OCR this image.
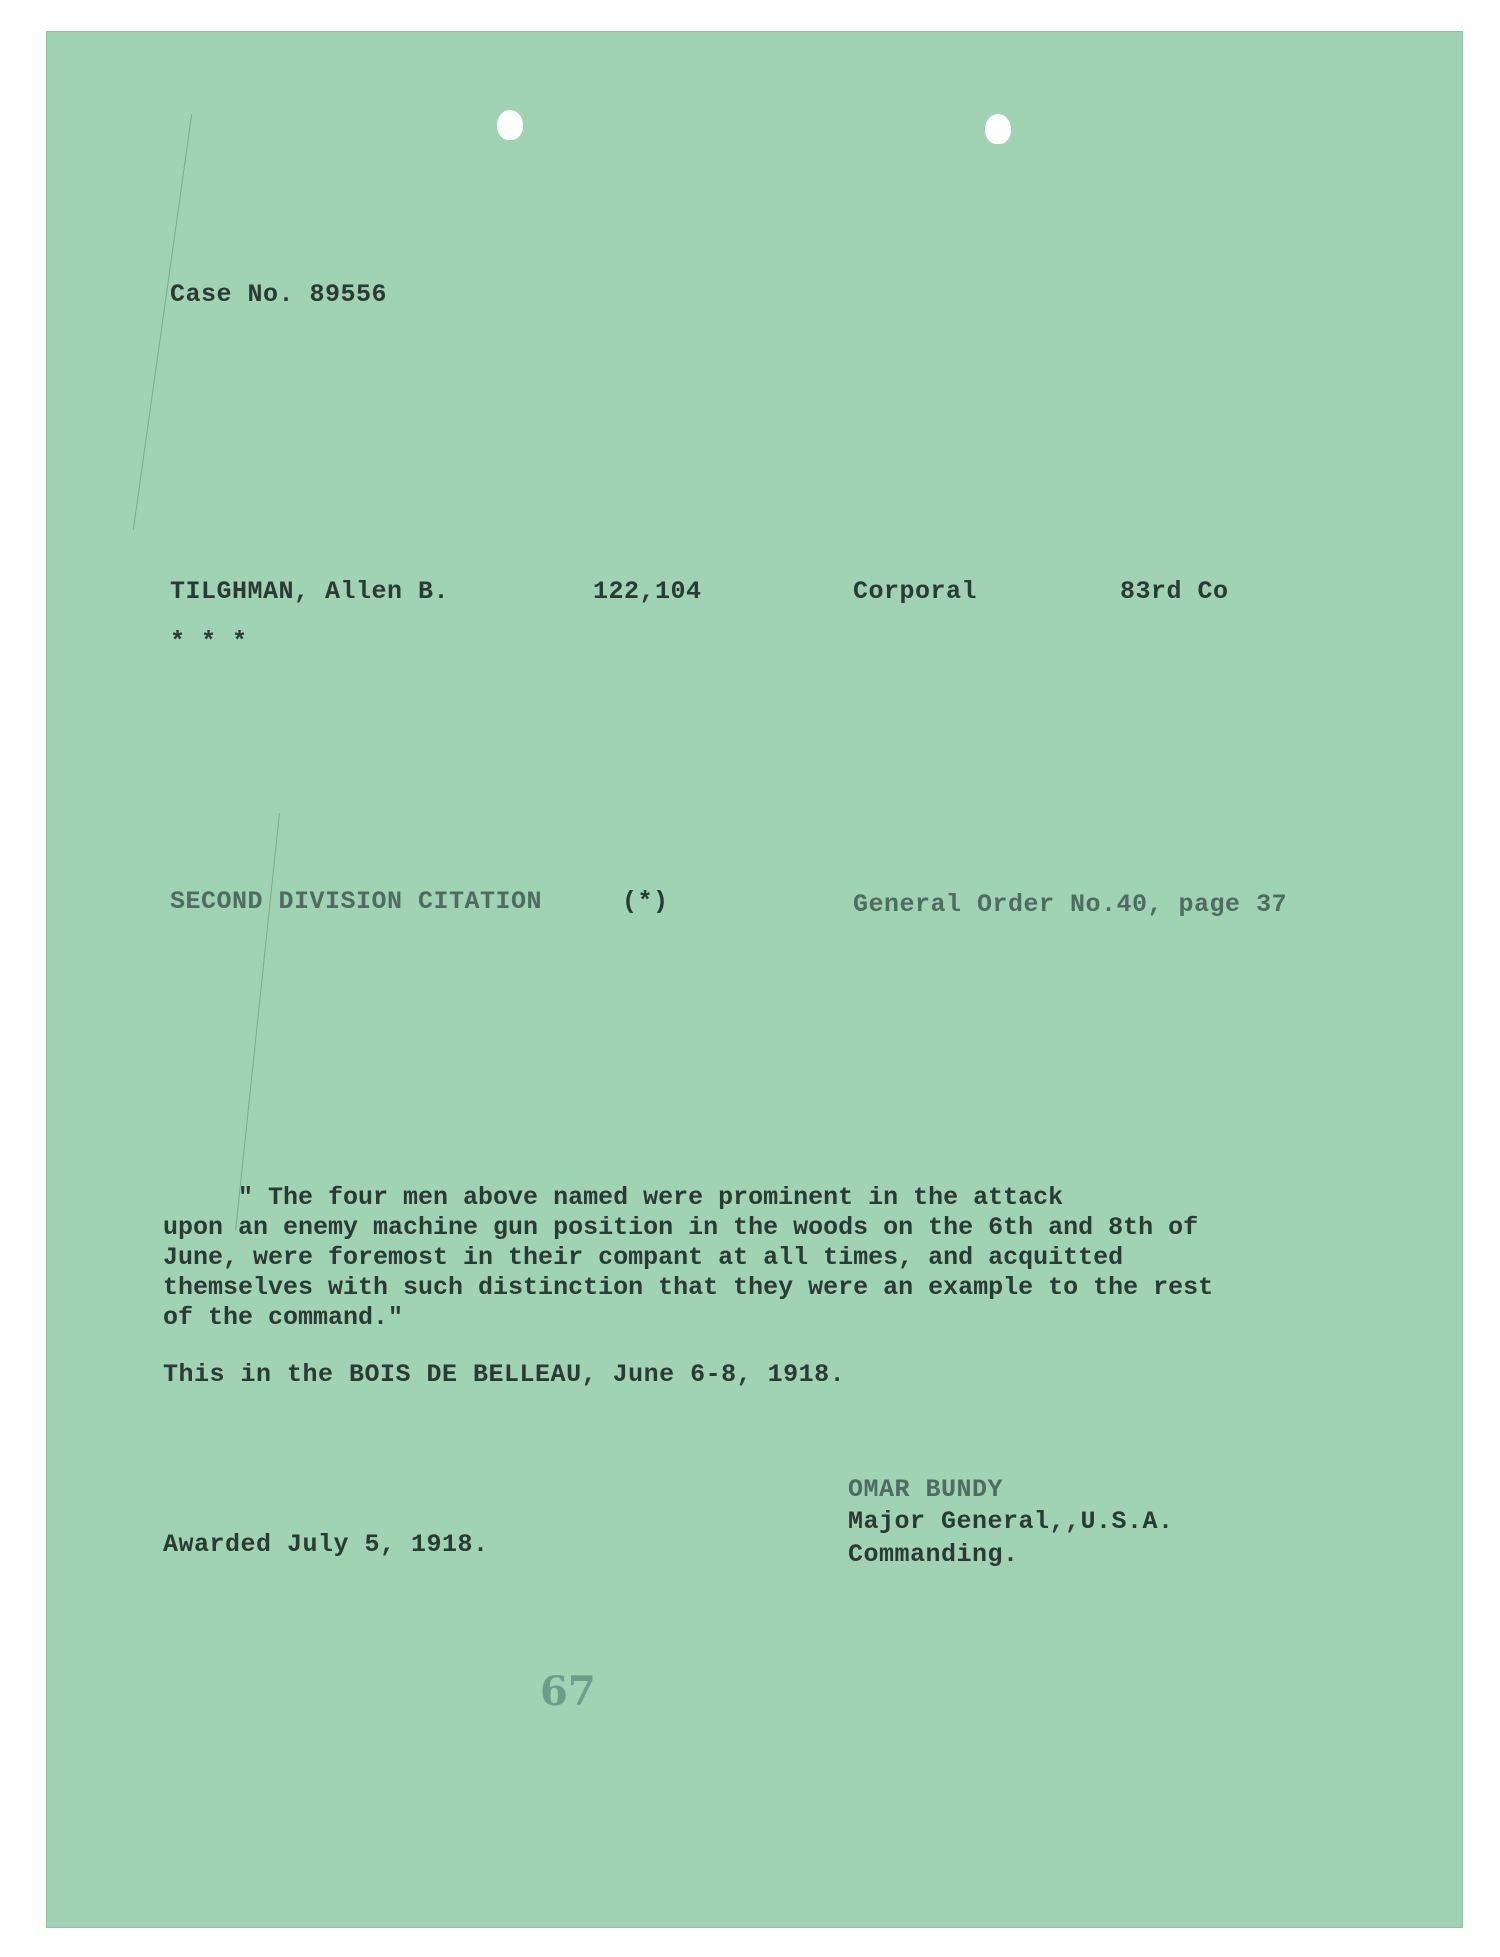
Case No. 89556
TILGHMAN, Allen B.	122,104	Corporal	83rd Co
* * *
SECOND DIVISION CITATION	(*)	General Order No.40, page 37
" The four men above named were prominent in the attack
upon an enemy machine gun position in the woods on the 6th and 8th of
June, were foremost in their compant at all times, and acquitted
themselves with such distinction that they were an example to the rest
of the command."
This in the BOIS DE BELLEAU, June 6-8, 1918.
OMAR BUNDY
Major General,,U.S.A.
Commanding.
Awarded July 5, 1918.
67
